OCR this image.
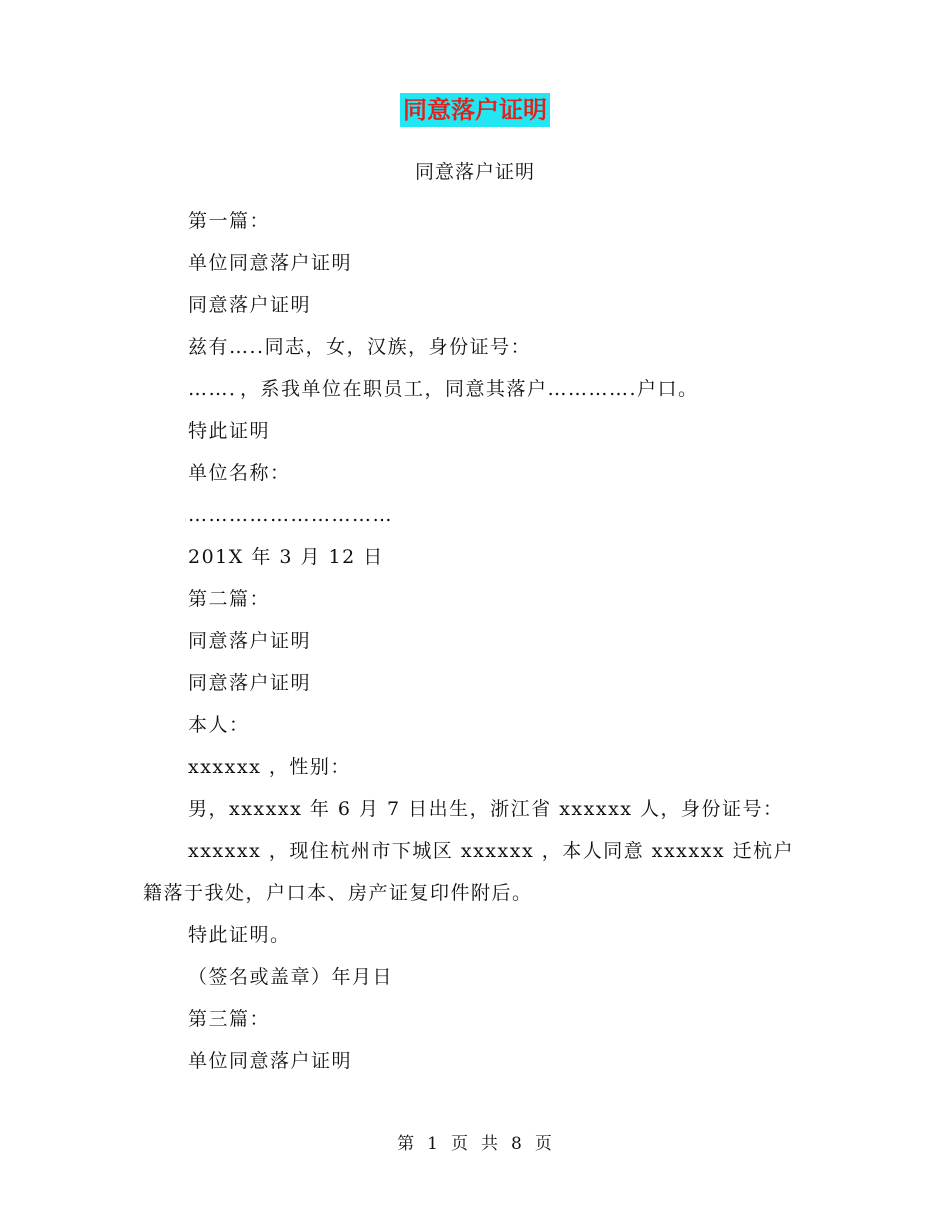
同意落户证明
同意落户证明

第一篇：

单位同意落户证明

同意落户证明

兹有…..同志，女，汉族，身份证号：

……．，系我单位在职员工，同意其落户………….户口。

特此证明

单位名称：

…………………………

201X 年 3 月 12 日

第二篇：

同意落户证明

同意落户证明

本人：

xxxxxx ，性别：

男，xxxxxx 年 6 月 7 日出生，浙江省 xxxxxx 人，身份证号：

xxxxxx ，现住杭州市下城区 xxxxxx ，本人同意 xxxxxx 迁杭户籍落于我处，户口本、房产证复印件附后。

特此证明。

（签名或盖章）年月日

第三篇：

单位同意落户证明

第 1 页 共 8 页
